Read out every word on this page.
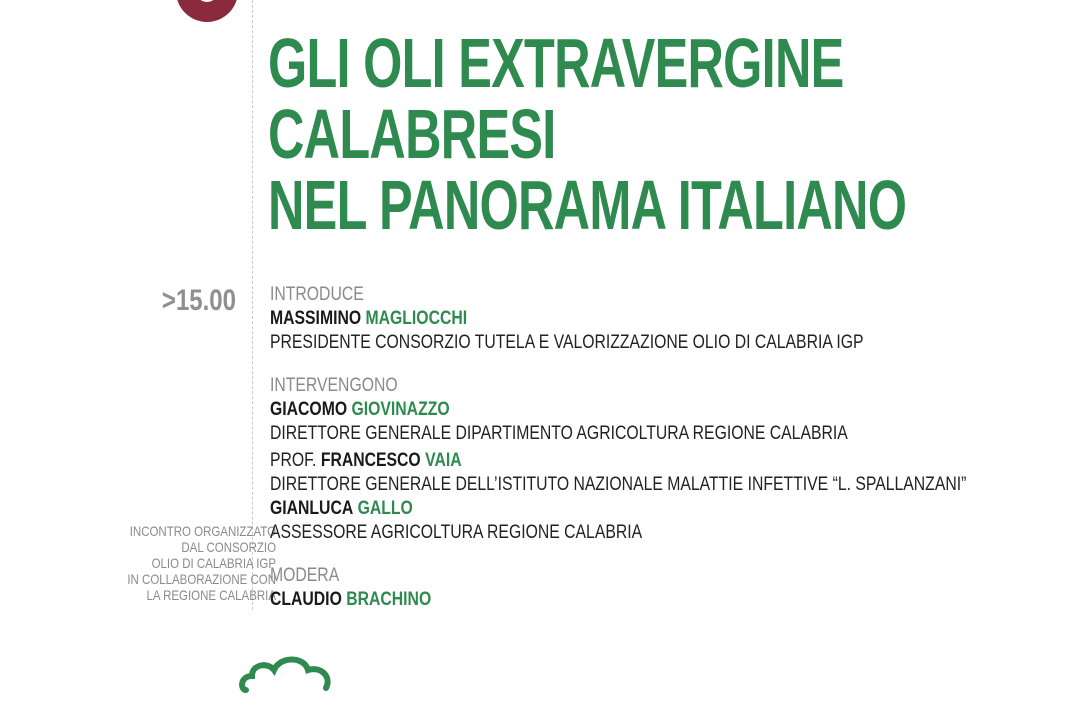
GLI OLI EXTRAVERGINE
CALABRESI
NEL PANORAMA ITALIANO
>15.00
INCONTRO ORGANIZZATO
DAL CONSORZIO
OLIO DI CALABRIA IGP
IN COLLABORAZIONE CON
LA REGIONE CALABRIA
INTRODUCE
MASSIMINO MAGLIOCCHI
PRESIDENTE CONSORZIO TUTELA E VALORIZZAZIONE OLIO DI CALABRIA IGP
INTERVENGONO
GIACOMO GIOVINAZZO
DIRETTORE GENERALE DIPARTIMENTO AGRICOLTURA REGIONE CALABRIA
PROF. FRANCESCO VAIA
DIRETTORE GENERALE DELL’ISTITUTO NAZIONALE MALATTIE INFETTIVE “L. SPALLANZANI”
GIANLUCA GALLO
ASSESSORE AGRICOLTURA REGIONE CALABRIA
MODERA
CLAUDIO BRACHINO
